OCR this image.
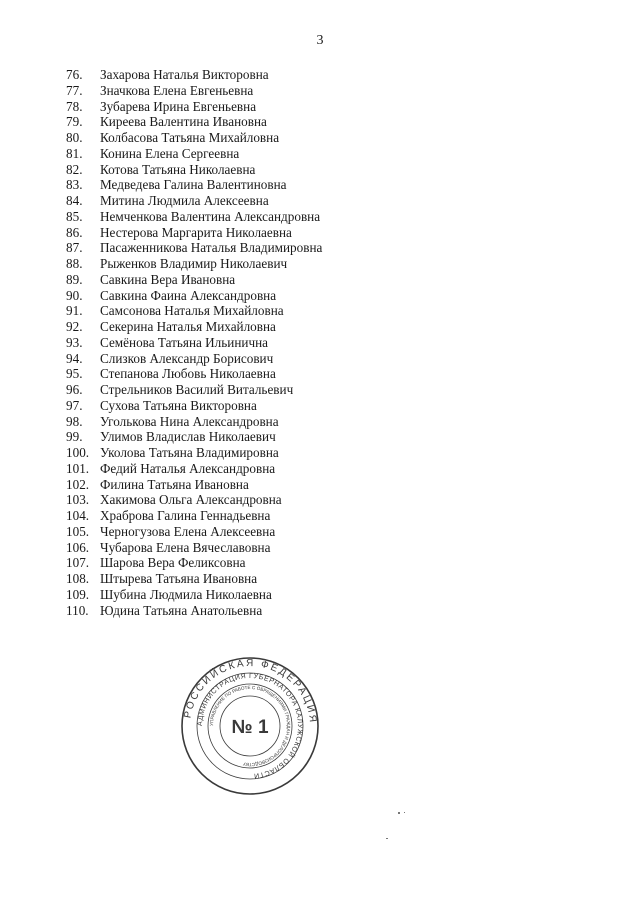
3
76. Захарова Наталья Викторовна
77. Значкова Елена Евгеньевна
78. Зубарева Ирина Евгеньевна
79. Киреева Валентина Ивановна
80. Колбасова Татьяна Михайловна
81. Конина Елена Сергеевна
82. Котова Татьяна Николаевна
83. Медведева Галина Валентиновна
84. Митина Людмила Алексеевна
85. Немченкова Валентина Александровна
86. Нестерова Маргарита Николаевна
87. Пасаженникова Наталья Владимировна
88. Рыженков Владимир Николаевич
89. Савкина Вера Ивановна
90. Савкина Фаина Александровна
91. Самсонова Наталья Михайловна
92. Секерина Наталья Михайловна
93. Семёнова Татьяна Ильинична
94. Слизков Александр Борисович
95. Степанова Любовь Николаевна
96. Стрельников Василий Витальевич
97. Сухова Татьяна Викторовна
98. Уголькова Нина Александровна
99. Улимов Владислав Николаевич
100. Уколова Татьяна Владимировна
101. Федий Наталья Александровна
102. Филина Татьяна Ивановна
103. Хакимова Ольга Александровна
104. Храброва Галина Геннадьевна
105. Черногузова Елена Алексеевна
106. Чубарова Елена Вячеславовна
107. Шарова Вера Феликсовна
108. Штырева Татьяна Ивановна
109. Шубина Людмила Николаевна
110. Юдина Татьяна Анатольевна
РОССИЙСКАЯ ФЕДЕРАЦИЯ
АДМИНИСТРАЦИЯ ГУБЕРНАТОРА КАЛУЖСКОЙ ОБЛАСТИ
УПРАВЛЕНИЕ ПО РАБОТЕ С ОБРАЩЕНИЯМИ ГРАЖДАН И ДЕЛОПРОИЗВОДСТВУ
№ 1
